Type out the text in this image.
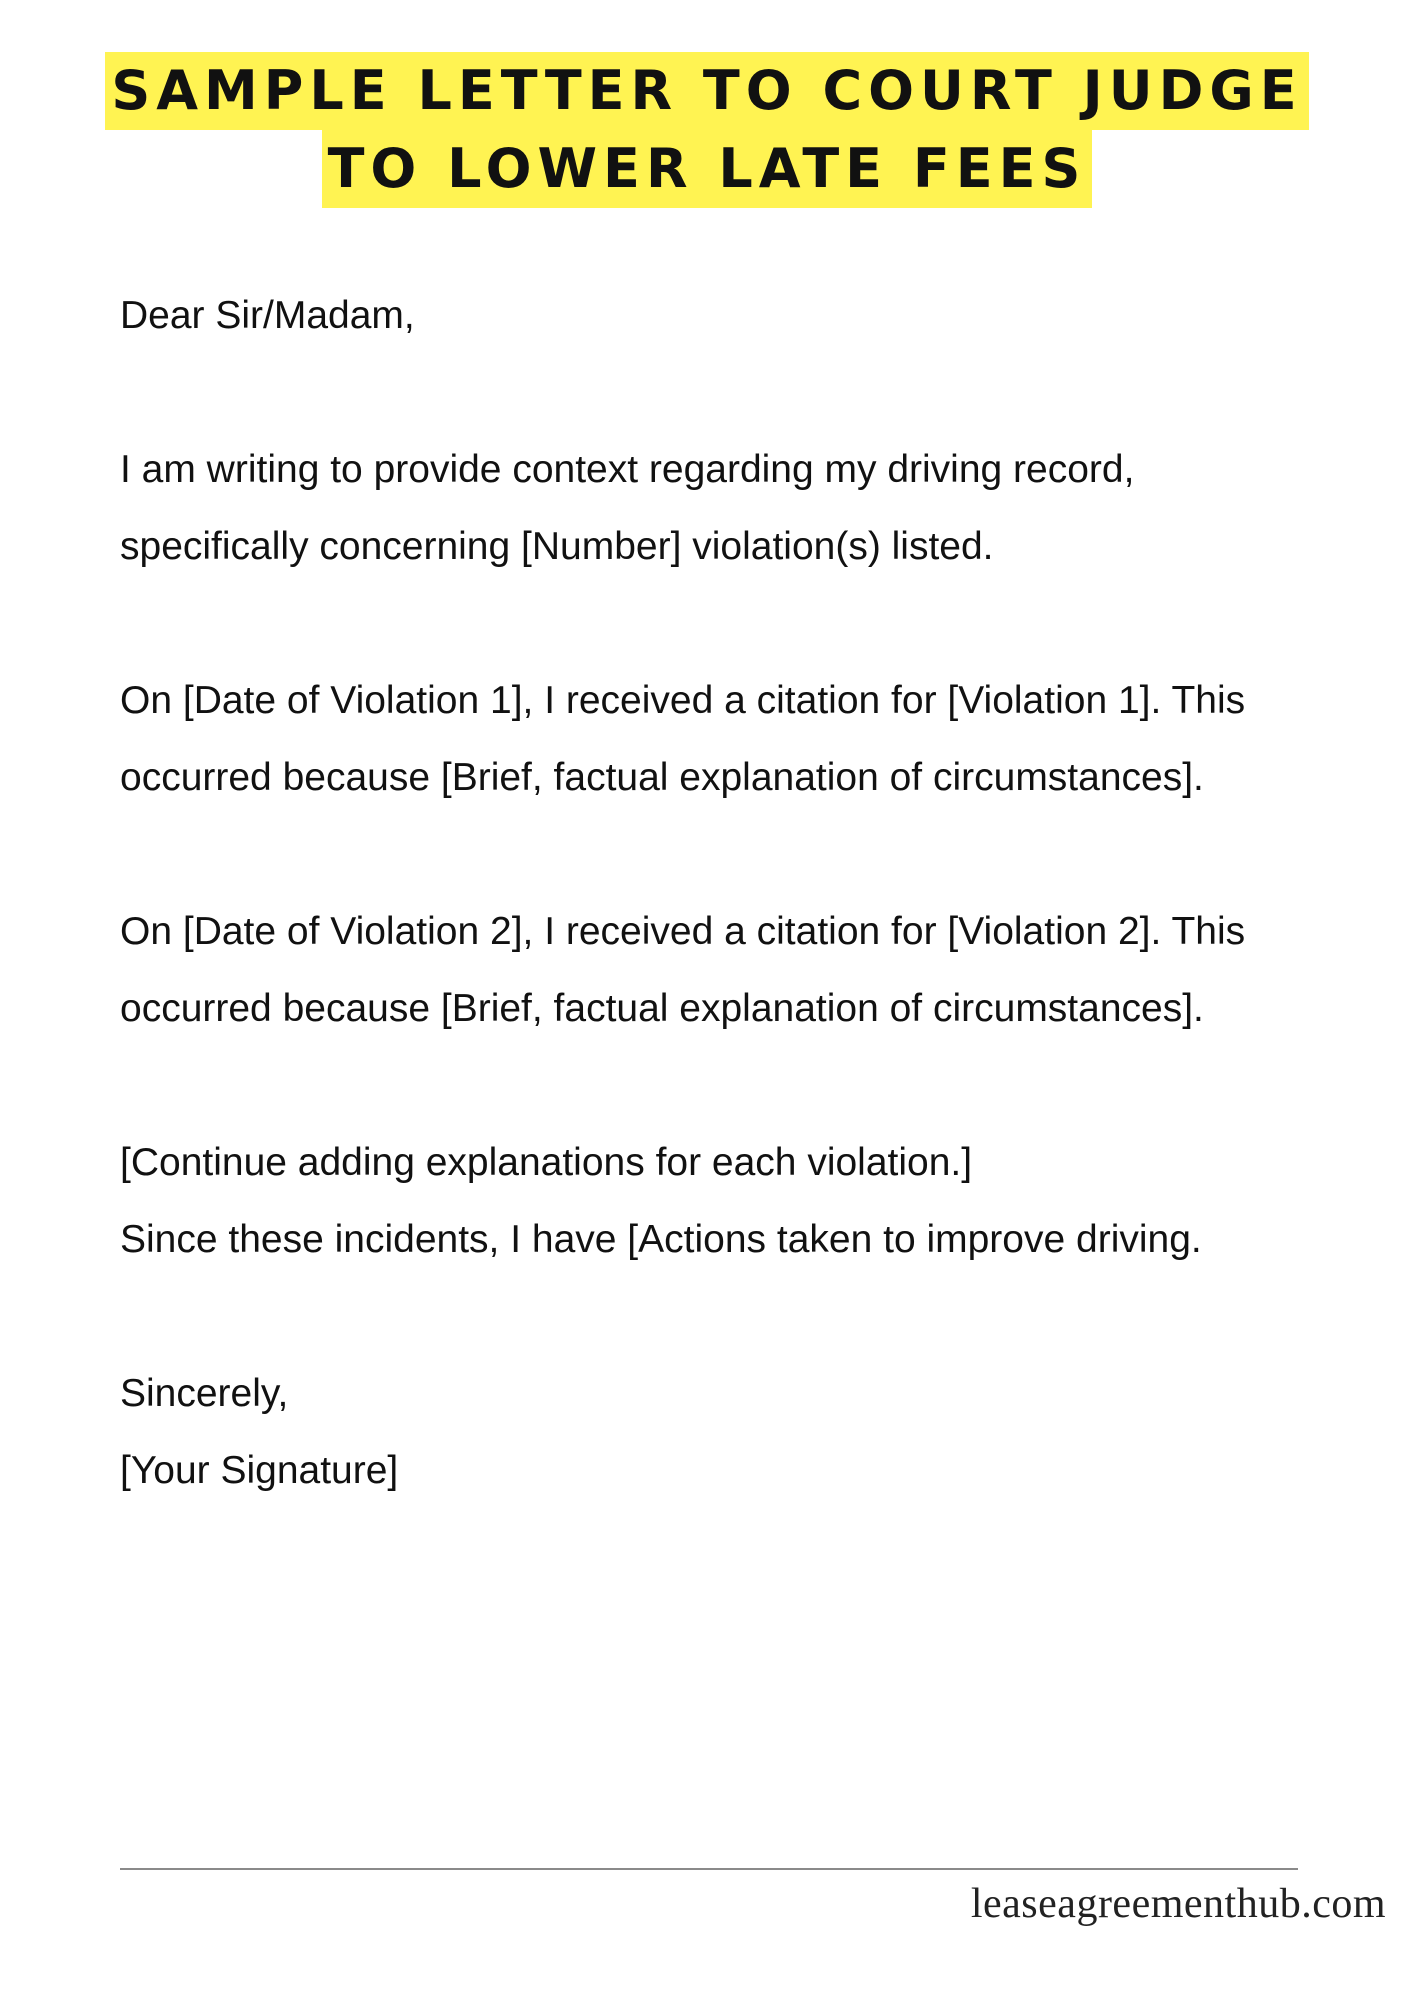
SAMPLE LETTER TO COURT JUDGE
TO LOWER LATE FEES

Dear Sir/Madam,

I am writing to provide context regarding my driving record, specifically concerning [Number] violation(s) listed.

On [Date of Violation 1], I received a citation for [Violation 1]. This occurred because [Brief, factual explanation of circumstances].

On [Date of Violation 2], I received a citation for [Violation 2]. This occurred because [Brief, factual explanation of circumstances].

[Continue adding explanations for each violation.]

Since these incidents, I have [Actions taken to improve driving.

Sincerely,

[Your Signature]

leaseagreementhub.com
